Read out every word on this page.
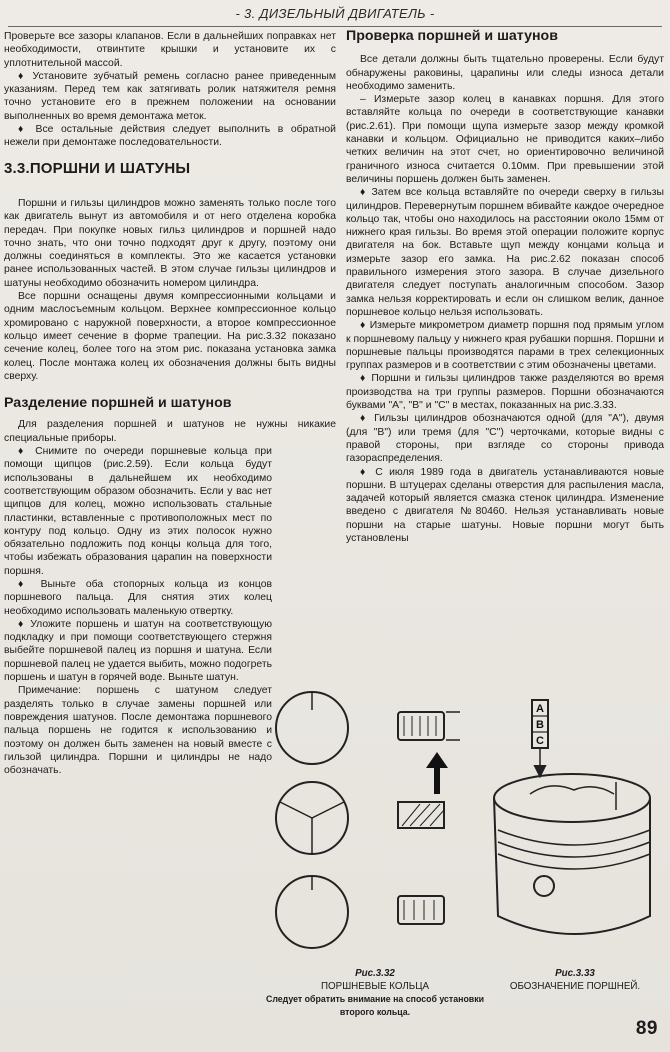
- 3. ДИЗЕЛЬНЫЙ ДВИГАТЕЛЬ -

Проверьте все зазоры клапанов. Если в дальнейших поправках нет необходимости, отвинтите крышки и установите их с уплотнительной массой.

♦ Установите зубчатый ремень согласно ранее приведенным указаниям. Перед тем как затягивать ролик натяжителя ремня точно установите его в прежнем положении на основании выполненных во время демонтажа меток.

♦ Все остальные действия следует выполнить в обратной нежели при демонтаже последовательности.

3.3.ПОРШНИ И ШАТУНЫ

Поршни и гильзы цилиндров можно заменять только после того как двигатель вынут из автомобиля и от него отделена коробка передач. При покупке новых гильз цилиндров и поршней надо точно знать, что они точно подходят друг к другу, поэтому они должны соединяться в комплекты. Это же касается установки ранее использованных частей. В этом случае гильзы цилиндров и шатуны необходимо обозначить номером цилиндра.

Все поршни оснащены двумя компрессионными кольцами и одним маслосъемным кольцом. Верхнее компрессионное кольцо хромировано с наружной поверхности, а второе компрессионное кольцо имеет сечение в форме трапеции. На рис.3.32 показано сечение колец, более того на этом рис. показана установка замка колец. После монтажа колец их обозначения должны быть видны сверху.

Разделение поршней и шатунов

Для разделения поршней и шатунов не нужны никакие специальные приборы.

♦ Снимите по очереди поршневые кольца при помощи щипцов (рис.2.59). Если кольца будут использованы в дальнейшем их необходимо соответствующим образом обозначить. Если у вас нет щипцов для колец, можно использовать стальные пластинки, вставленные с противоположных мест по контуру под кольцо. Одну из этих полосок нужно обязательно подложить под концы кольца для того, чтобы избежать образования царапин на поверхности поршня.

♦ Выньте оба стопорных кольца из концов поршневого пальца. Для снятия этих колец необходимо использовать маленькую отвертку.

♦ Уложите поршень и шатун на соответствующую подкладку и при помощи соответствующего стержня выбейте поршневой палец из поршня и шатуна. Если поршневой палец не удается выбить, можно подогреть поршень и шатун в горячей воде. Выньте шатун.

Примечание: поршень с шатуном следует разделять только в случае замены поршней или повреждения шатунов. После демонтажа поршневого пальца поршень не годится к использованию и поэтому он должен быть заменен на новый вместе с гильзой цилиндра. Поршни и цилиндры не надо обозначать.

Проверка поршней и шатунов

Все детали должны быть тщательно проверены. Если будут обнаружены раковины, царапины или следы износа детали необходимо заменить.

– Измерьте зазор колец в канавках поршня. Для этого вставляйте кольца по очереди в соответствующие канавки (рис.2.61). При помощи щупа измерьте зазор между кромкой канавки и кольцом. Официально не приводится каких–либо четких величин на этот счет, но ориентировочно величиной граничного износа считается 0.10мм. При превышении этой величины поршень должен быть заменен.

♦ Затем все кольца вставляйте по очереди сверху в гильзы цилиндров. Перевернутым поршнем вбивайте каждое очередное кольцо так, чтобы оно находилось на расстоянии около 15мм от нижнего края гильзы. Во время этой операции положите корпус двигателя на бок. Вставьте щуп между концами кольца и измерьте зазор его замка. На рис.2.62 показан способ правильного измерения этого зазора. В случае дизельного двигателя следует поступать аналогичным способом. Зазор замка нельзя корректировать и если он слишком велик, данное поршневое кольцо нельзя использовать.

♦ Измерьте микрометром диаметр поршня под прямым углом к поршневому пальцу у нижнего края рубашки поршня. Поршни и поршневые пальцы производятся парами в трех селекционных группах размеров и в соответствии с этим обозначены цветами.

♦ Поршни и гильзы цилиндров также разделяются во время производства на три группы размеров. Поршни обозначаются буквами "А", "В" и "С" в местах, показанных на рис.3.33.

♦ Гильзы цилиндров обозначаются одной (для "А"), двумя (для "В") или тремя (для "С") черточками, которые видны с правой стороны, при взгляде со стороны привода газораспределения.

♦ С июля 1989 года в двигатель устанавливаются новые поршни. В штуцерах сделаны отверстия для распыления масла, задачей который является смазка стенок цилиндра. Изменение введено с двигателя №80460. Нельзя устанавливать новые поршни на старые шатуны. Новые поршни могут быть установлены

А
В
С
Рис.3.32
ПОРШНЕВЫЕ КОЛЬЦА
Следует обратить внимание на способ установки второго кольца.
Рис.3.33
ОБОЗНАЧЕНИЕ ПОРШНЕЙ.
89
